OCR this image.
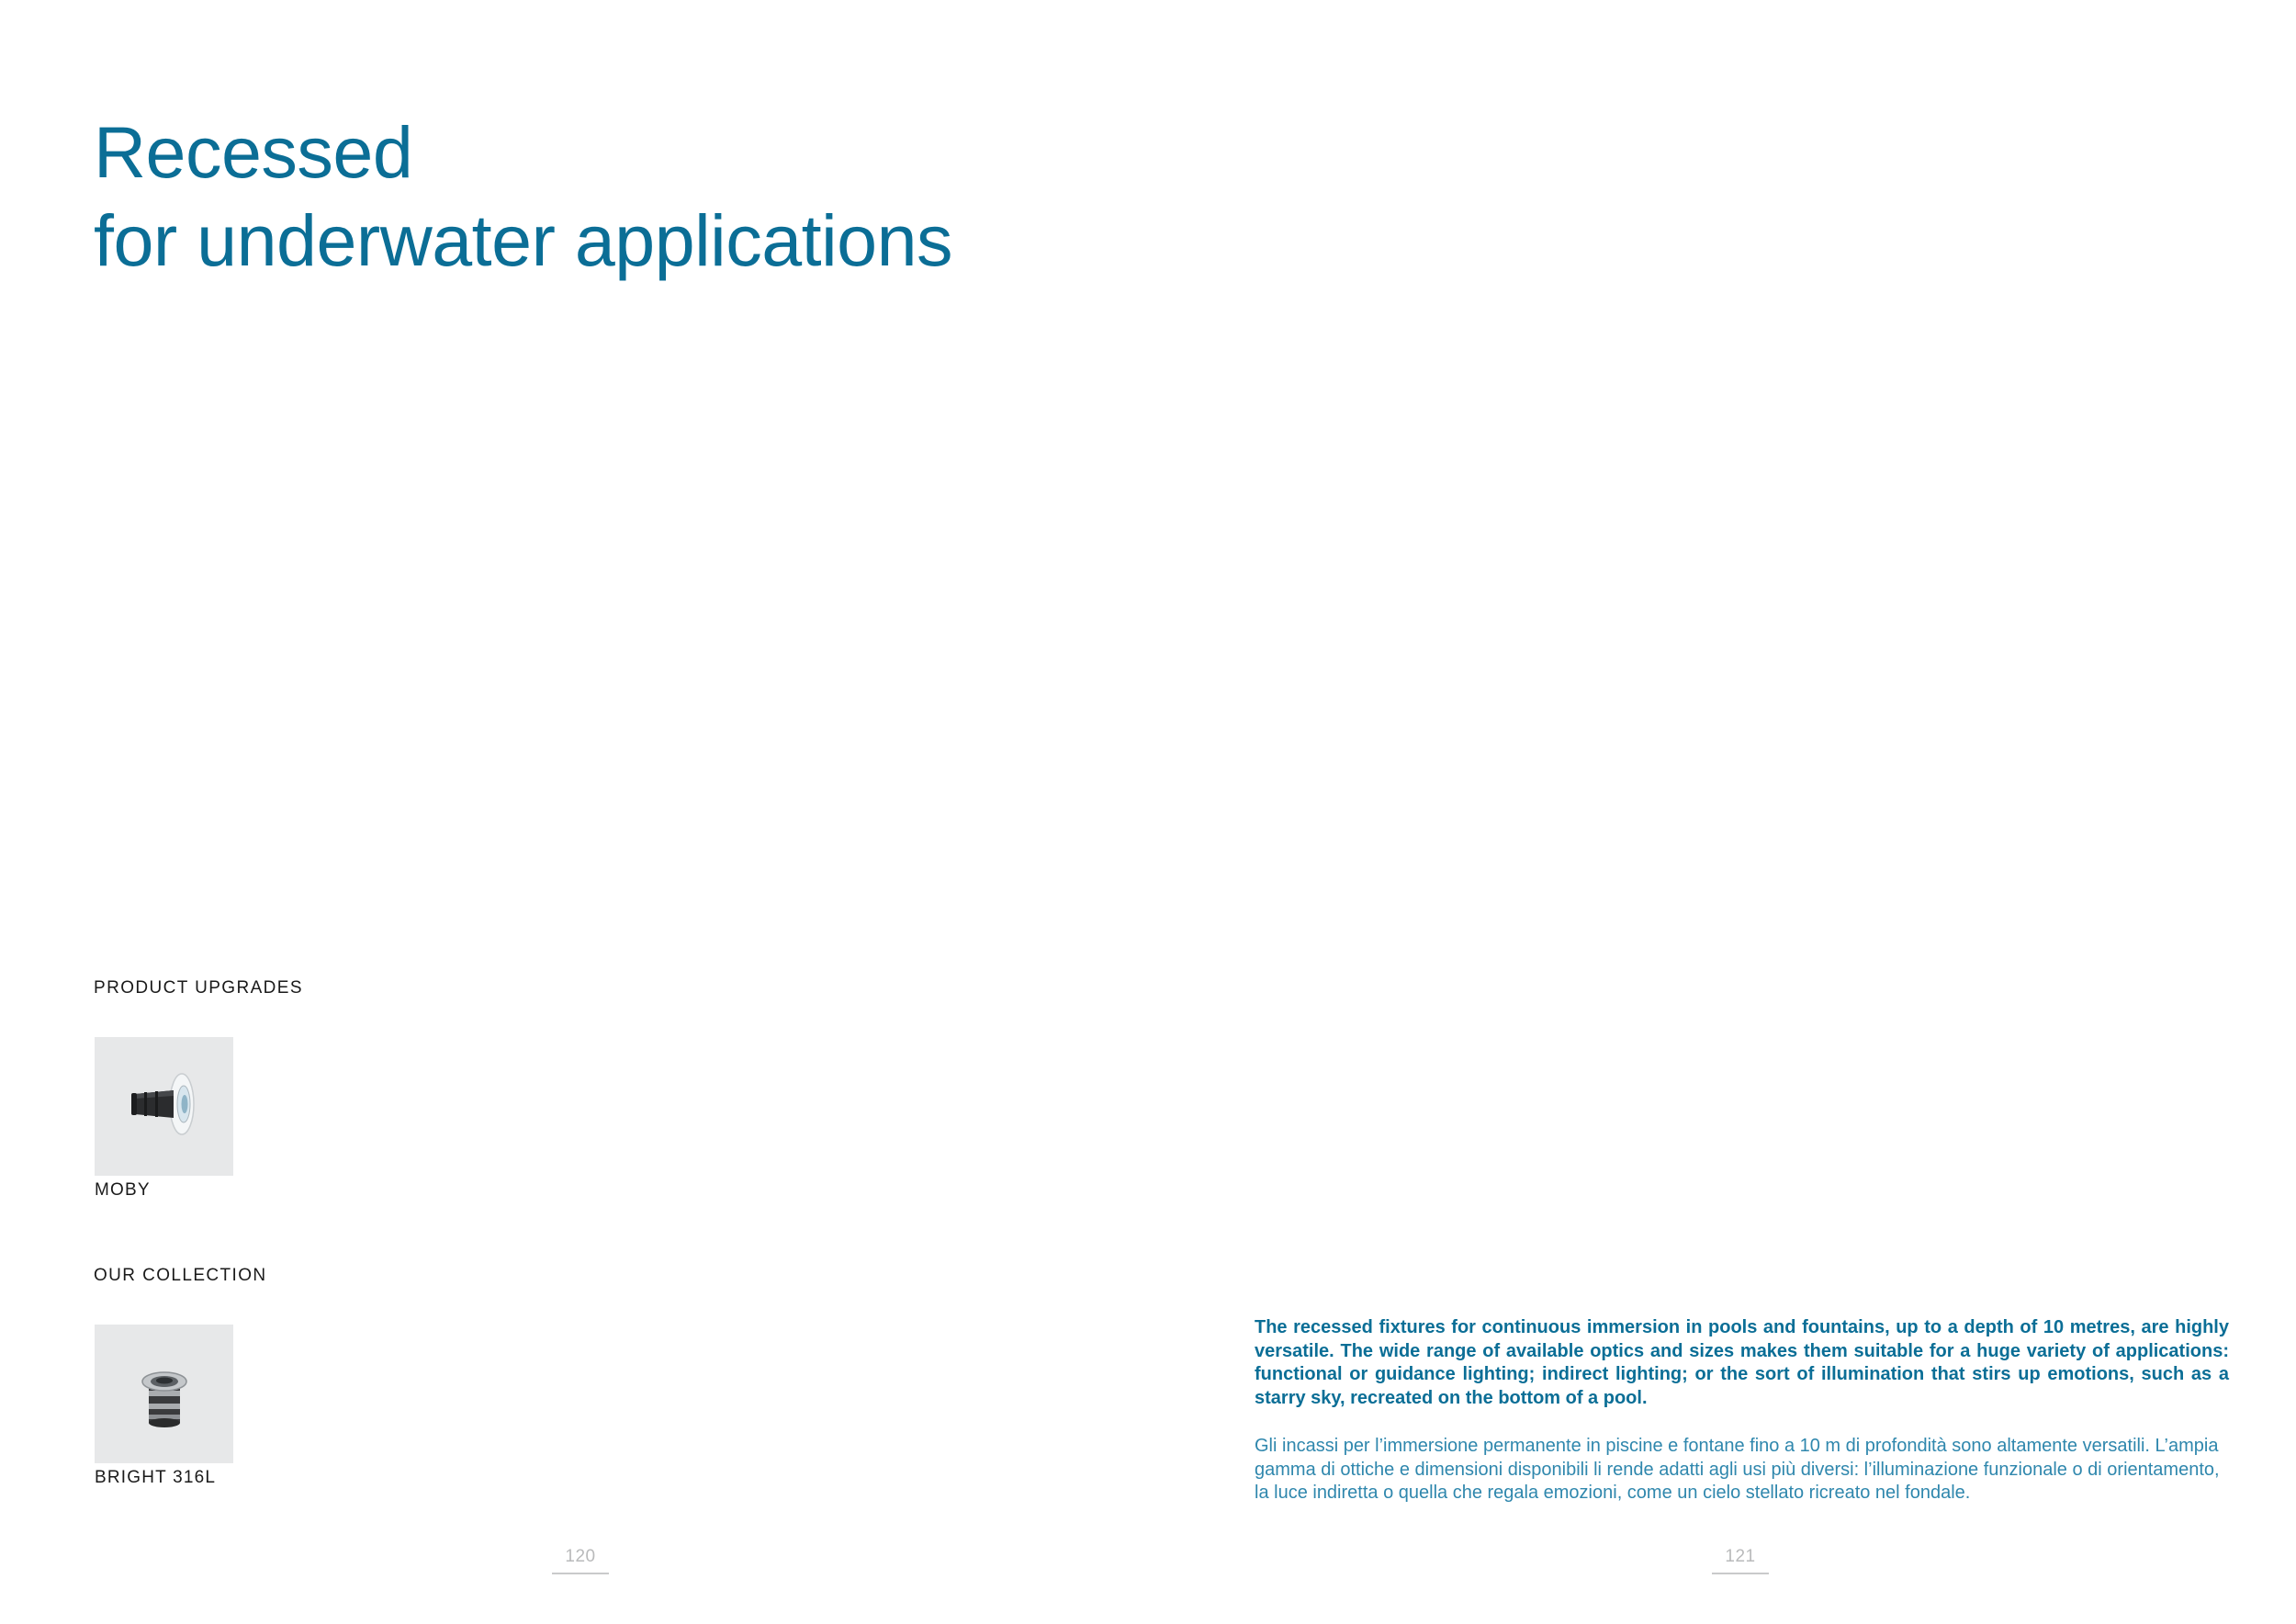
Recessed
for underwater applications
PRODUCT UPGRADES
MOBY
OUR COLLECTION
BRIGHT 316L

The recessed fixtures for continuous immersion in pools and fountains, up to a depth of 10 metres, are highly versatile. The wide range of available optics and sizes makes them suitable for a huge variety of applications: functional or guidance lighting; indirect lighting; or the sort of illumination that stirs up emotions, such as a starry sky, recreated on the bottom of a pool.

Gli incassi per l’immersione permanente in piscine e fontane fino a 10 m di profondità sono altamente versatili. L’ampia gamma di ottiche e dimensioni disponibili li rende adatti agli usi più diversi: l’illuminazione funzionale o di orientamento, la luce indiretta o quella che regala emozioni, come un cielo stellato ricreato nel fondale.

120	121
